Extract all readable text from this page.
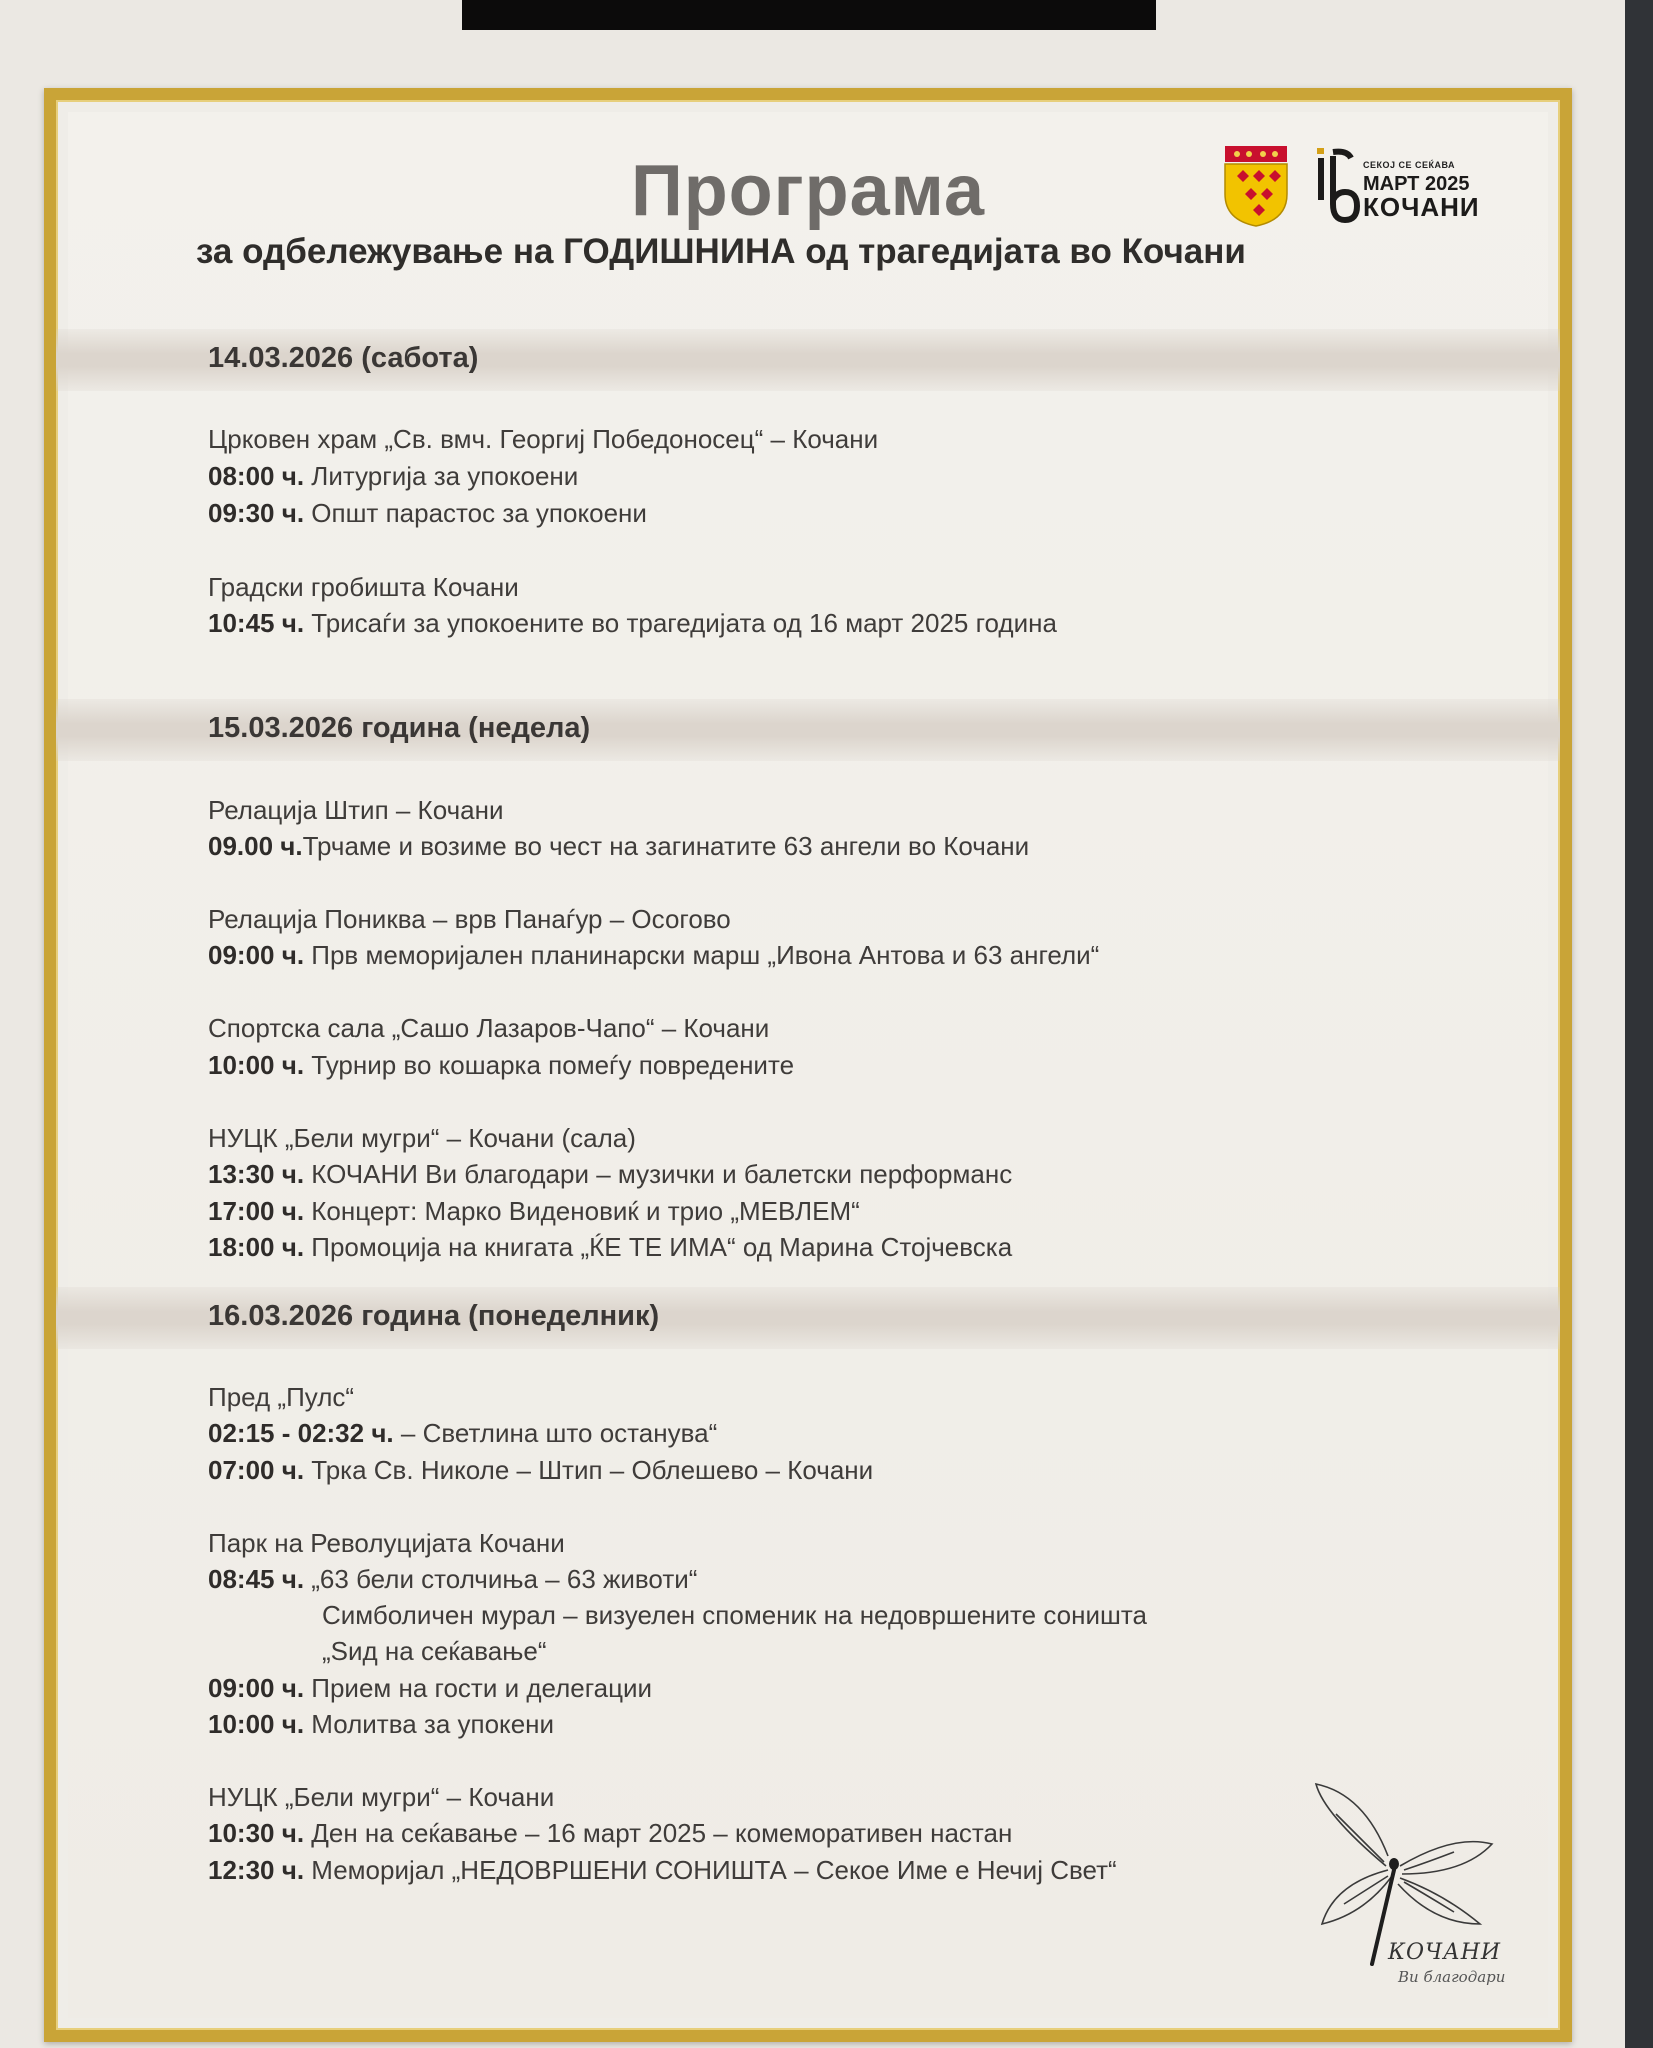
Програма
за одбележување на ГОДИШНИНА од трагедијата во Кочани
СЕКОЈ СЕ СЕЌАВА
МАРТ 2025
КОЧАНИ
14.03.2026 (сабота)
Црковен храм „Св. вмч. Георгиј Победоносец“ – Кочани
08:00 ч. Литургија за упокоени
09:30 ч. Општ парастос за упокоени
Градски гробишта Кочани
10:45 ч. Трисаѓи за упокоените во трагедијата од 16 март 2025 година
15.03.2026 година (недела)
Релација Штип – Кочани
09.00 ч.Трчаме и возиме во чест на загинатите 63 ангели во Кочани
Релација Пониква – врв Панаѓур – Осогово
09:00 ч. Прв меморијален планинарски марш „Ивона Антова и 63 ангели“
Спортска сала „Сашо Лазаров-Чапо“ – Кочани
10:00 ч. Турнир во кошарка помеѓу повредените
НУЦК „Бели мугри“ – Кочани (сала)
13:30 ч. КОЧАНИ Ви благодари – музички и балетски перформанс
17:00 ч. Концерт: Марко Виденовиќ и трио „МЕВЛЕМ“
18:00 ч. Промоција на книгата „ЌЕ ТЕ ИМА“ од Марина Стојчевска
16.03.2026 година (понеделник)
Пред „Пулс“
02:15 - 02:32 ч. – Светлина што останува“
07:00 ч. Трка Св. Николе – Штип – Облешево – Кочани
Парк на Револуцијата Кочани
08:45 ч. „63 бели столчиња – 63 животи“
Симболичен мурал – визуелен споменик на недовршените соништа
„Ѕид на сеќавање“
09:00 ч. Прием на гости и делегации
10:00 ч. Молитва за упокени
НУЦК „Бели мугри“ – Кочани
10:30 ч. Ден на сеќавање – 16 март 2025 – комеморативен настан
12:30 ч. Меморијал „НЕДОВРШЕНИ СОНИШТА – Секое Име е Нечиј Свет“
КОЧАНИ
Ви благодари
